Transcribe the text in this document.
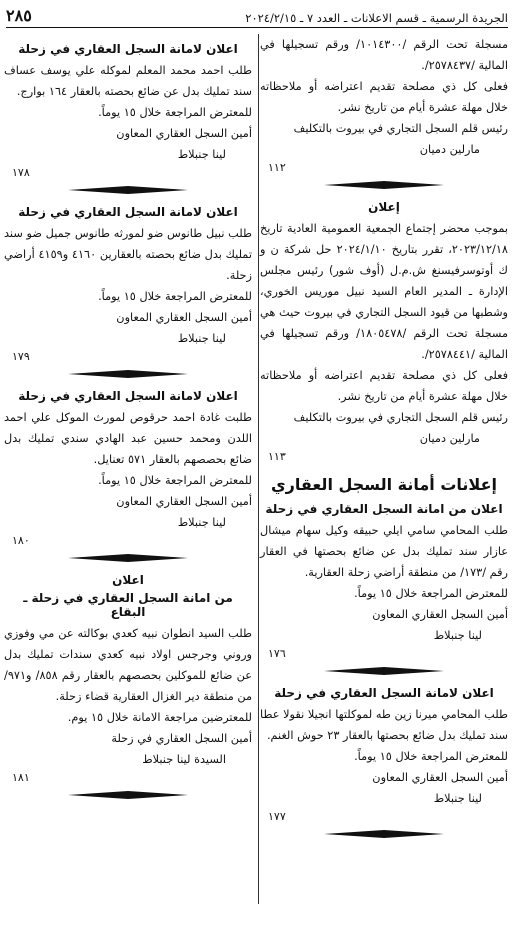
الجريدة الرسمية ـ قسم الاعلانات ـ العدد ٧ ـ ٢٠٢٤/٢/١٥
٢٨٥

مسجلة تحت الرقم /١٠١٤٣٠٠/ ورقم تسجيلها في المالية /٢٥٧٨٤٣٧/.

فعلى كل ذي مصلحة تقديم اعتراضه أو ملاحظاته خلال مهلة عشرة أيام من تاريخ نشر.

رئيس قلم السجل التجاري في بيروت بالتكليف
مارلين دميان
١١٢
إعلان

بموجب محضر إجتماع الجمعية العمومية العادية تاريخ ٢٠٢٣/١٢/١٨، تقرر بتاريخ ٢٠٢٤/١/١٠ حل شركة ن و ك أوتوسرفيسنغ ش.م.ل (أوف شور) رئيس مجلس الإدارة ـ المدير العام السيد نبيل موريس الخوري، وشطبها من قيود السجل التجاري في بيروت حيث هي مسجلة تحت الرقم /١٨٠٥٤٧٨/ ورقم تسجيلها في المالية /٢٥٧٨٤٤١/.

فعلى كل ذي مصلحة تقديم اعتراضه أو ملاحظاته خلال مهلة عشرة أيام من تاريخ نشر.

رئيس قلم السجل التجاري في بيروت بالتكليف
مارلين دميان
١١٣
إعلانات أمانة السجل العقاري
اعلان من امانة السجل العقاري في زحلة

طلب المحامي سامي ايلي حبيقه وكيل سهام ميشال عازار سند تمليك بدل عن ضائع بحصتها في العقار رقم /١٧٣/ من منطقة أراضي زحلة العقارية.

للمعترض المراجعة خلال ١٥ يوماً.

أمين السجل العقاري المعاون
لينا جنبلاط
١٧٦
اعلان لامانة السجل العقاري في زحلة

طلب المحامي ميرنا زين طه لموكلتها انجيلا نقولا عطا سند تمليك بدل ضائع بحصتها بالعقار ٢٣ حوش الغنم.

للمعترض المراجعة خلال ١٥ يوماً.

أمين السجل العقاري المعاون
لينا جنبلاط
١٧٧
اعلان لامانة السجل العقاري في زحلة

طلب احمد محمد المعلم لموكله علي يوسف عساف سند تمليك بدل عن ضائع بحصته بالعقار ١٦٤ بوارج.

للمعترض المراجعة خلال ١٥ يوماً.

أمين السجل العقاري المعاون
لينا جنبلاط
١٧٨
اعلان لامانة السجل العقاري في زحلة

طلب نبيل طانوس ضو لمورثه طانوس جميل ضو سند تمليك بدل ضائع بحصته بالعقارين ٤١٦٠ و٤١٥٩ أراضي زحلة.

للمعترض المراجعة خلال ١٥ يوماً.

أمين السجل العقاري المعاون
لينا جنبلاط
١٧٩
اعلان لامانة السجل العقاري في زحلة

طلبت غادة احمد حرقوص لمورث الموكل علي احمد اللدن ومحمد حسين عبد الهادي سندي تمليك بدل ضائع بحصصهم بالعقار ٥٧١ تعنايل.

للمعترض المراجعة خلال ١٥ يوماً.

أمين السجل العقاري المعاون
لينا جنبلاط
١٨٠
اعلان
من امانة السجل العقاري في زحلة ـ البقاع

طلب السيد انطوان نبيه كعدي بوكالته عن مي وفوزي وروني وجرجس اولاد نبيه كعدي سندات تمليك بدل عن ضائع للموكلين بحصصهم بالعقار رقم ٨٥٨/ و٩٧١/ من منطقة دير الغزال العقارية قضاء زحلة.

للمعترضين مراجعة الامانة خلال ١٥ يوم.

أمين السجل العقاري في زحلة
السيدة لينا جنبلاط
١٨١
